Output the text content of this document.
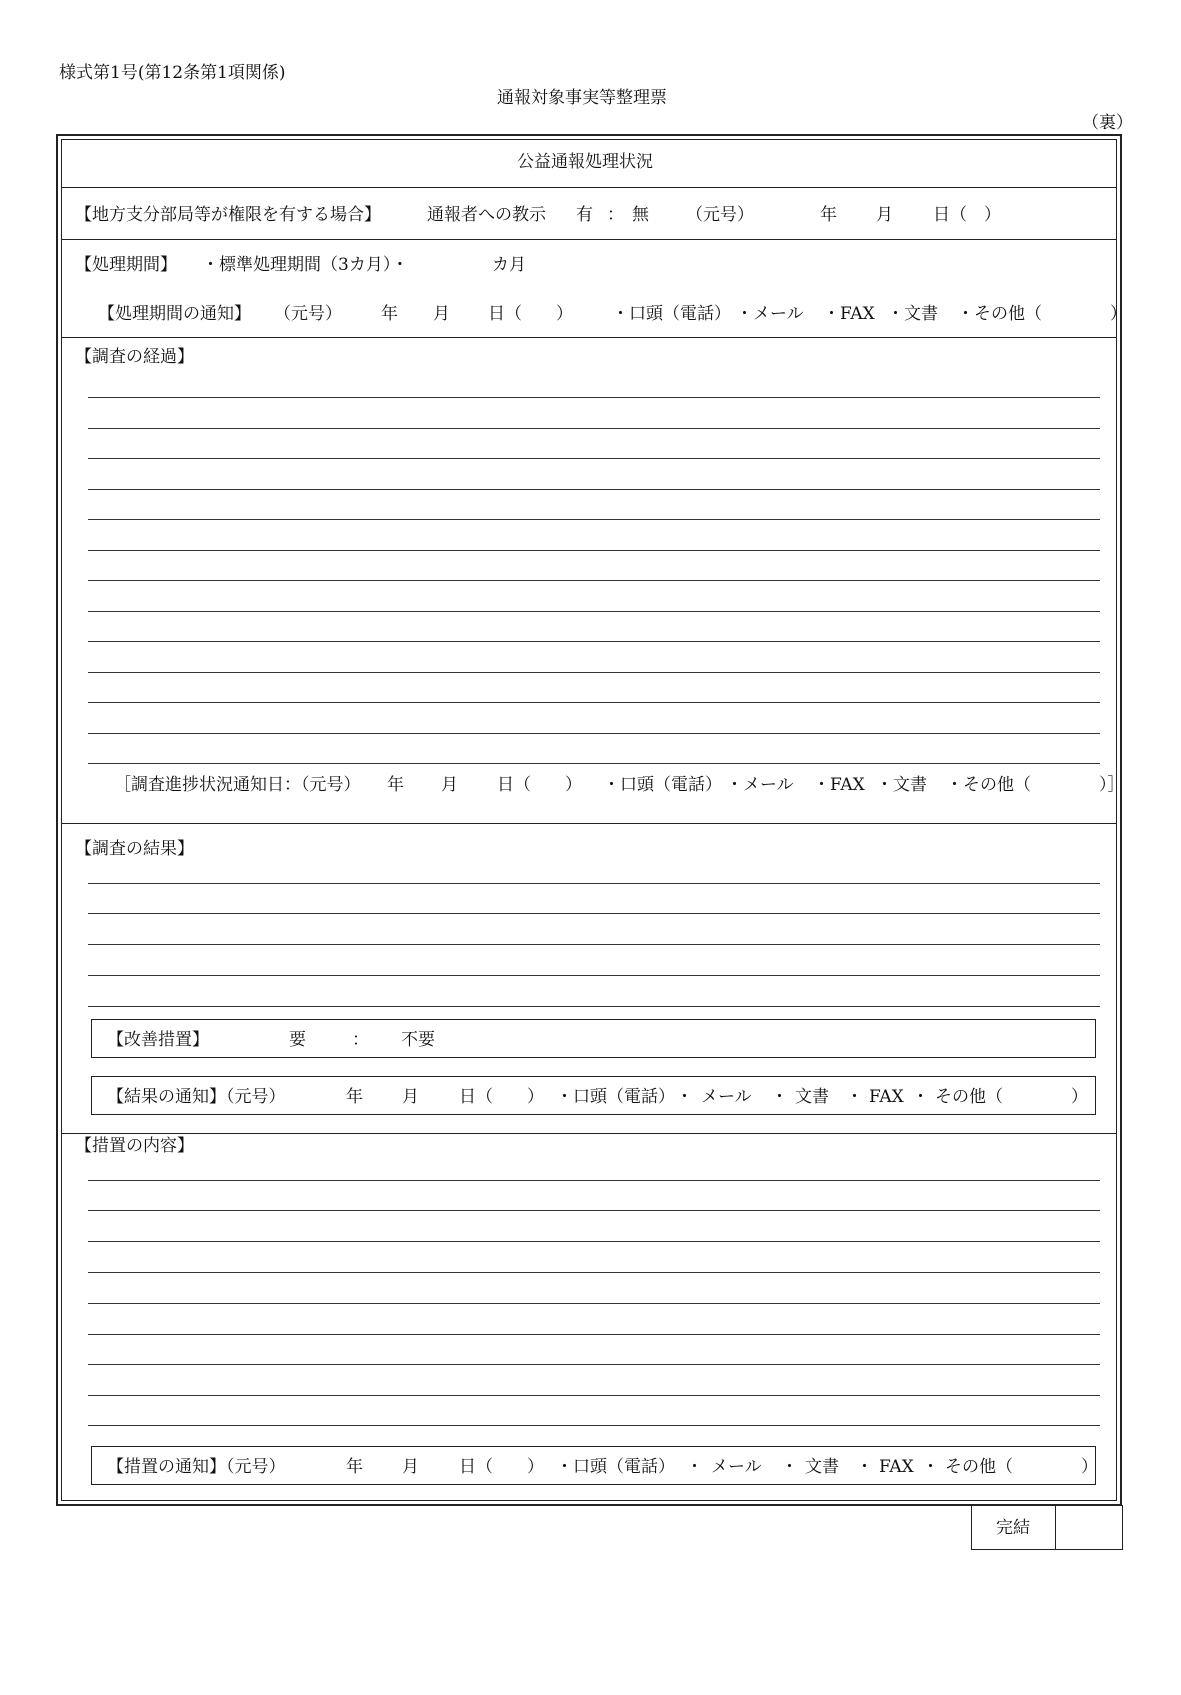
様式第1号(第12条第1項関係)
通報対象事実等整理票
（裏）
公益通報処理状況
【地方支分部局等が権限を有する場合】	通報者への教示 有 ： 無 （元号）	年 月 日（　）
【処理期間】 ・標準処理期間（3カ月）・	カ月
【処理期間の通知】 （元号） 年 月 日（　　） ・口頭（電話） ・メール ・FAX ・文書 ・その他（　　　　）
【調査の経過】
［調査進捗状況通知日：（元号） 年 月 日（　　） ・口頭（電話） ・メール ・FAX ・文書 ・その他（　　　　）］
【調査の結果】
【改善措置】	要	： 不要
【結果の通知】（元号）	年 月 日（　　） ・口頭（電話） ・ メール ・ 文書 ・ FAX ・ その他（　　　　）
【措置の内容】
【措置の通知】（元号）	年 月 日（　　） ・口頭（電話） ・ メール ・ 文書 ・ FAX ・ その他（　　　　）
完結
